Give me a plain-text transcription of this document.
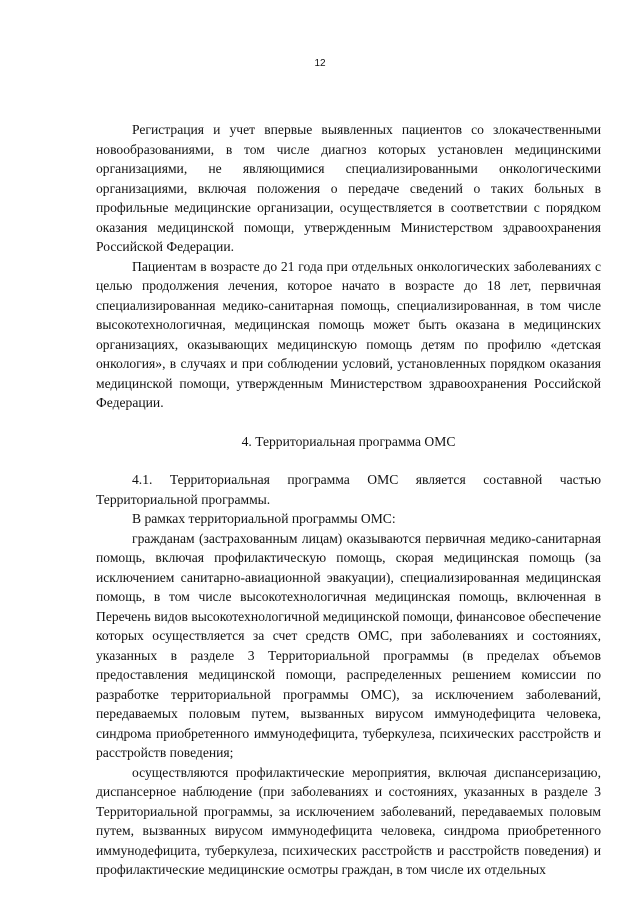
12

Регистрация и учет впервые выявленных пациентов со злокачественными новообразованиями, в том числе диагноз которых установлен медицинскими организациями, не являющимися специализированными онкологическими организациями, включая положения о передаче сведений о таких больных в профильные медицинские организации, осуществляется в соответствии с порядком оказания медицинской помощи, утвержденным Министерством здравоохранения Российской Федерации.

Пациентам в возрасте до 21 года при отдельных онкологических заболеваниях с целью продолжения лечения, которое начато в возрасте до 18 лет, первичная специализированная медико-санитарная помощь, специализированная, в том числе высокотехнологичная, медицинская помощь может быть оказана в медицинских организациях, оказывающих медицинскую помощь детям по профилю «детская онкология», в случаях и при соблюдении условий, установленных порядком оказания медицинской помощи, утвержденным Министерством здравоохранения Российской Федерации.

4. Территориальная программа ОМС

4.1. Территориальная программа ОМС является составной частью Территориальной программы.

В рамках территориальной программы ОМС:

гражданам (застрахованным лицам) оказываются первичная медико-санитарная помощь, включая профилактическую помощь, скорая медицинская помощь (за исключением санитарно-авиационной эвакуации), специализированная медицинская помощь, в том числе высокотехнологичная медицинская помощь, включенная в Перечень видов высокотехнологичной медицинской помощи, финансовое обеспечение которых осуществляется за счет средств ОМС, при заболеваниях и состояниях, указанных в разделе 3 Территориальной программы (в пределах объемов предоставления медицинской помощи, распределенных решением комиссии по разработке территориальной программы ОМС), за исключением заболеваний, передаваемых половым путем, вызванных вирусом иммунодефицита человека, синдрома приобретенного иммунодефицита, туберкулеза, психических расстройств и расстройств поведения;

осуществляются профилактические мероприятия, включая диспансеризацию, диспансерное наблюдение (при заболеваниях и состояниях, указанных в разделе 3 Территориальной программы, за исключением заболеваний, передаваемых половым путем, вызванных вирусом иммунодефицита человека, синдрома приобретенного иммунодефицита, туберкулеза, психических расстройств и расстройств поведения) и профилактические медицинские осмотры граждан, в том числе их отдельных
